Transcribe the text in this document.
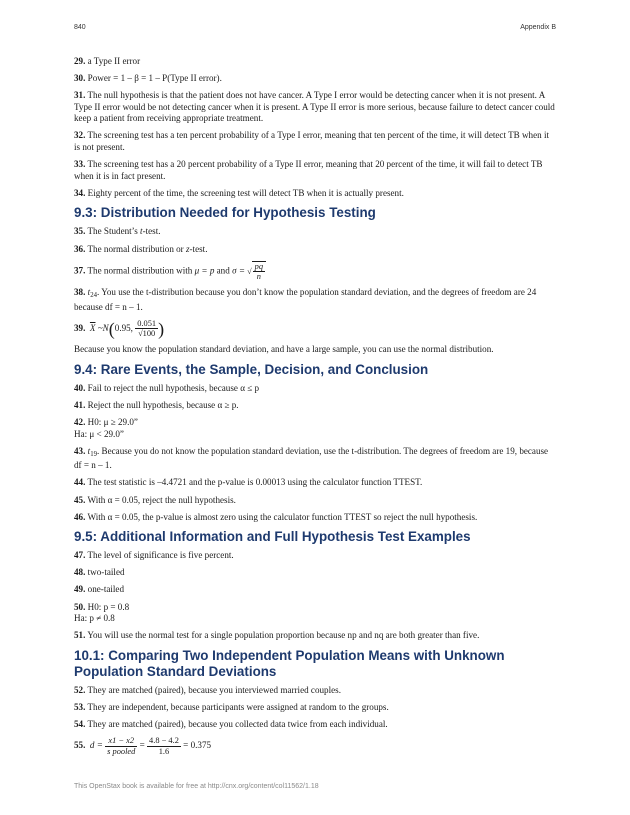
840	Appendix B

29. a Type II error

30. Power = 1 – β = 1 – P(Type II error).

31. The null hypothesis is that the patient does not have cancer. A Type I error would be detecting cancer when it is not present. A Type II error would be not detecting cancer when it is present. A Type II error is more serious, because failure to detect cancer could keep a patient from receiving appropriate treatment.

32. The screening test has a ten percent probability of a Type I error, meaning that ten percent of the time, it will detect TB when it is not present.

33. The screening test has a 20 percent probability of a Type II error, meaning that 20 percent of the time, it will fail to detect TB when it is in fact present.

34. Eighty percent of the time, the screening test will detect TB when it is actually present.

9.3: Distribution Needed for Hypothesis Testing

35. The Student’s t-test.

36. The normal distribution or z-test.

37. The normal distribution with μ = p and σ = √ $\frac{pq}{n}$

38. $t_{24}$. You use the t-distribution because you don’t know the population standard deviation, and the degrees of freedom are 24 because df = n – 1.

39. $\overline{X}$ ~N(0.95, $\frac{0.051}{√100}$ )

Because you know the population standard deviation, and have a large sample, you can use the normal distribution.

9.4: Rare Events, the Sample, Decision, and Conclusion

40. Fail to reject the null hypothesis, because α ≤ p

41. Reject the null hypothesis, because α ≥ p.

42. H0: μ ≥ 29.0”
Ha: μ < 29.0”

43. $t_{19}$. Because you do not know the population standard deviation, use the t-distribution. The degrees of freedom are 19, because df = n – 1.

44. The test statistic is –4.4721 and the p-value is 0.00013 using the calculator function TTEST.

45. With α = 0.05, reject the null hypothesis.

46. With α = 0.05, the p-value is almost zero using the calculator function TTEST so reject the null hypothesis.

9.5: Additional Information and Full Hypothesis Test Examples

47. The level of significance is five percent.

48. two-tailed

49. one-tailed

50. H0: p = 0.8
Ha: p ≠ 0.8

51. You will use the normal test for a single population proportion because np and nq are both greater than five.

10.1: Comparing Two Independent Population Means with Unknown Population Standard Deviations

52. They are matched (paired), because you interviewed married couples.

53. They are independent, because participants were assigned at random to the groups.

54. They are matched (paired), because you collected data twice from each individual.

55. $d = \frac{x1 - x2}{\text{s pooled}} = \frac{4.8 - 4.2}{1.6} = 0.375$

This OpenStax book is available for free at http://cnx.org/content/col11562/1.18
